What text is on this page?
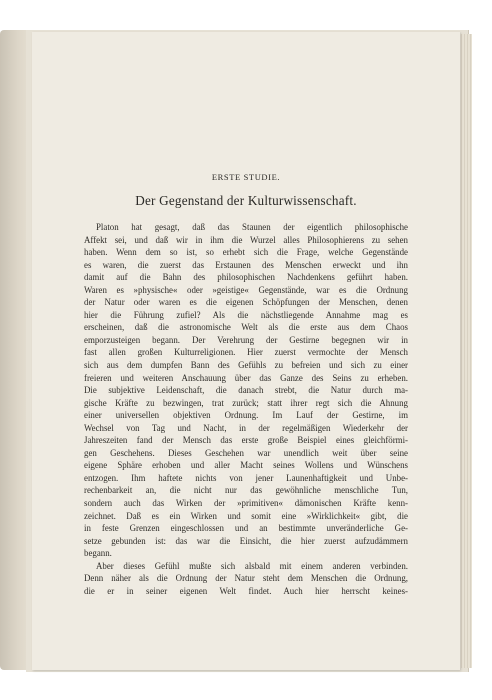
ERSTE STUDIE.
Der Gegenstand der Kulturwissenschaft.
Platon hat gesagt, daß das Staunen der eigentlich philosophische
Affekt sei, und daß wir in ihm die Wurzel alles Philosophierens zu sehen
haben. Wenn dem so ist, so erhebt sich die Frage, welche Gegenstände
es waren, die zuerst das Erstaunen des Menschen erweckt und ihn
damit auf die Bahn des philosophischen Nachdenkens geführt haben.
Waren es »physische« oder »geistige« Gegenstände, war es die Ordnung
der Natur oder waren es die eigenen Schöpfungen der Menschen, denen
hier die Führung zufiel? Als die nächstliegende Annahme mag es
erscheinen, daß die astronomische Welt als die erste aus dem Chaos
emporzusteigen begann. Der Verehrung der Gestirne begegnen wir in
fast allen großen Kulturreligionen. Hier zuerst vermochte der Mensch
sich aus dem dumpfen Bann des Gefühls zu befreien und sich zu einer
freieren und weiteren Anschauung über das Ganze des Seins zu erheben.
Die subjektive Leidenschaft, die danach strebt, die Natur durch ma-
gische Kräfte zu bezwingen, trat zurück; statt ihrer regt sich die Ahnung
einer universellen objektiven Ordnung. Im Lauf der Gestirne, im
Wechsel von Tag und Nacht, in der regelmäßigen Wiederkehr der
Jahreszeiten fand der Mensch das erste große Beispiel eines gleichförmi-
gen Geschehens. Dieses Geschehen war unendlich weit über seine
eigene Sphäre erhoben und aller Macht seines Wollens und Wünschens
entzogen. Ihm haftete nichts von jener Launenhaftigkeit und Unbe-
rechenbarkeit an, die nicht nur das gewöhnliche menschliche Tun,
sondern auch das Wirken der »primitiven« dämonischen Kräfte kenn-
zeichnet. Daß es ein Wirken und somit eine »Wirklichkeit« gibt, die
in feste Grenzen eingeschlossen und an bestimmte unveränderliche Ge-
setze gebunden ist: das war die Einsicht, die hier zuerst aufzudämmern
begann.
Aber dieses Gefühl mußte sich alsbald mit einem anderen verbinden.
Denn näher als die Ordnung der Natur steht dem Menschen die Ordnung,
die er in seiner eigenen Welt findet. Auch hier herrscht keines-
